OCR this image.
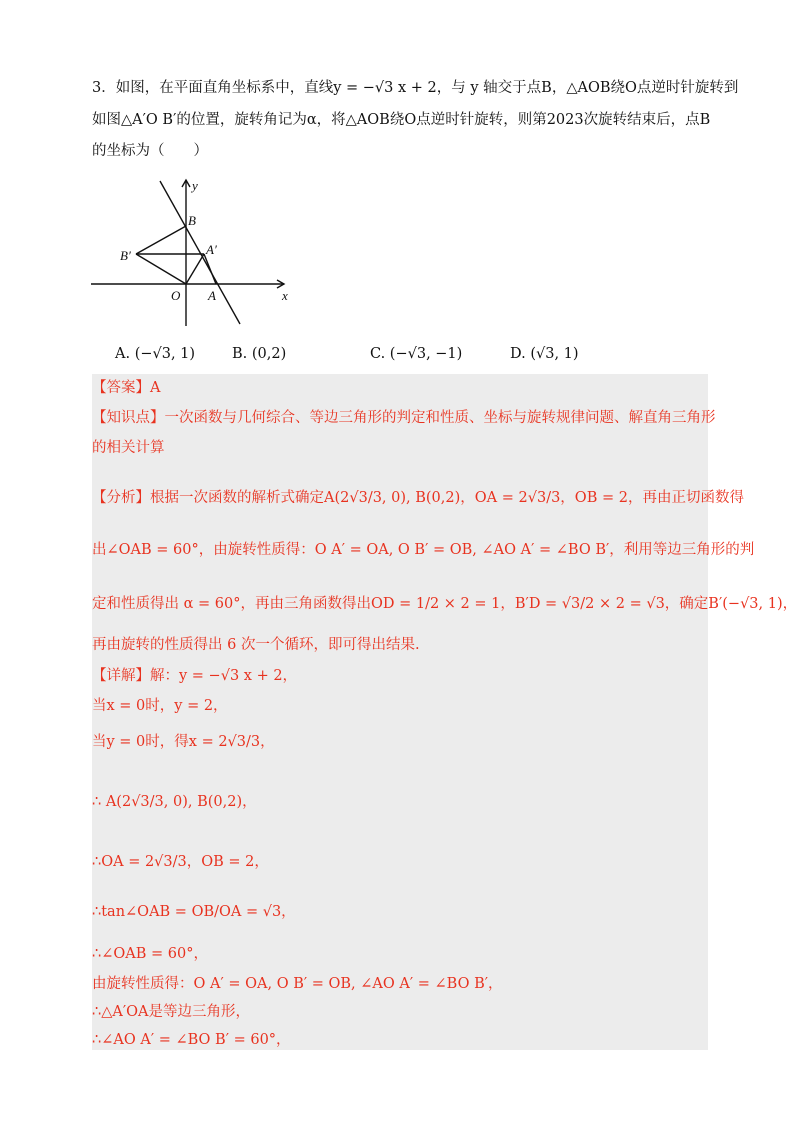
3．如图，在平面直角坐标系中，直线y = −√3 x + 2，与 y 轴交于点B，△AOB绕O点逆时针旋转到
如图△A′O B′的位置，旋转角记为α，将△AOB绕O点逆时针旋转，则第2023次旋转结束后，点B
的坐标为（　　）
y
x
B
B′	A′
O A
A. (−√3, 1)	B. (0,2)	C. (−√3, −1)	D. (√3, 1)
【答案】A
【知识点】一次函数与几何综合、等边三角形的判定和性质、坐标与旋转规律问题、解直角三角形
的相关计算
【分析】根据一次函数的解析式确定A(2√3/3, 0), B(0,2)，OA = 2√3/3，OB = 2，再由正切函数得
出∠OAB = 60°，由旋转性质得：O A′ = OA, O B′ = OB, ∠AO A′ = ∠BO B′，利用等边三角形的判
定和性质得出 α = 60°，再由三角函数得出OD = 1/2 × 2 = 1，B′D = √3/2 × 2 = √3，确定B′(−√3, 1)，
再由旋转的性质得出 6 次一个循环，即可得出结果.
【详解】解：y = −√3 x + 2，
当x = 0时，y = 2，
当y = 0时，得x = 2√3/3，
∴ A(2√3/3, 0), B(0,2)，
∴OA = 2√3/3，OB = 2，
∴tan∠OAB = OB/OA = √3，
∴∠OAB = 60°，
由旋转性质得：O A′ = OA, O B′ = OB, ∠AO A′ = ∠BO B′，
∴△A′OA是等边三角形，
∴∠AO A′ = ∠BO B′ = 60°，
